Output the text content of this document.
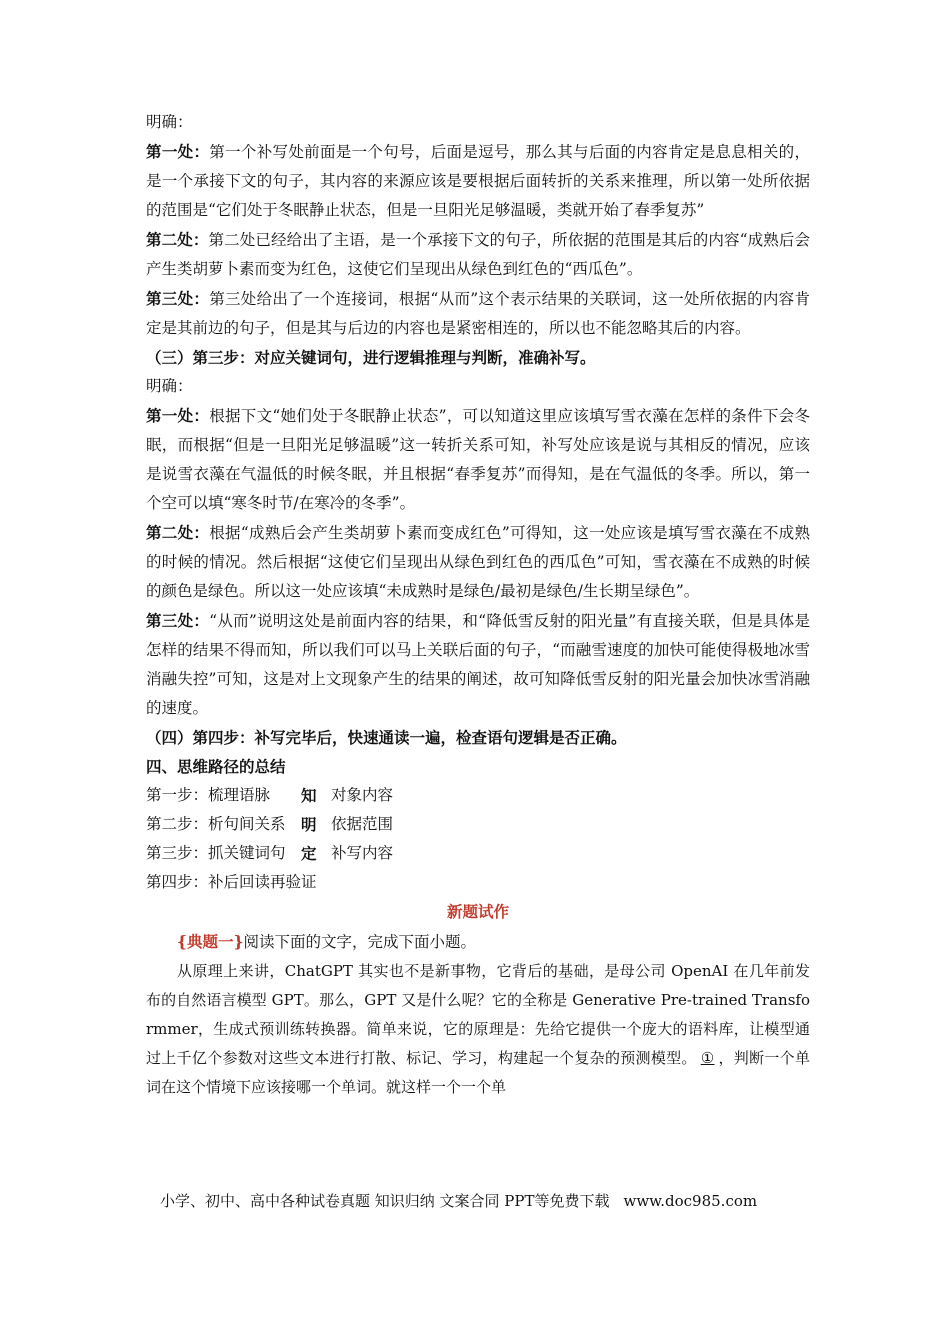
明确：

第一处：第一个补写处前面是一个句号，后面是逗号，那么其与后面的内容肯定是息息相关的，是一个承接下文的句子，其内容的来源应该是要根据后面转折的关系来推理，所以第一处所依据的范围是“它们处于冬眠静止状态，但是一旦阳光足够温暖，类就开始了春季复苏”

第二处：第二处已经给出了主语，是一个承接下文的句子，所依据的范围是其后的内容“成熟后会产生类胡萝卜素而变为红色，这使它们呈现出从绿色到红色的“西瓜色”。

第三处：第三处给出了一个连接词，根据“从而”这个表示结果的关联词，这一处所依据的内容肯定是其前边的句子，但是其与后边的内容也是紧密相连的，所以也不能忽略其后的内容。

（三）第三步：对应关键词句，进行逻辑推理与判断，准确补写。

明确：

第一处：根据下文“她们处于冬眠静止状态”，可以知道这里应该填写雪衣藻在怎样的条件下会冬眠，而根据“但是一旦阳光足够温暖”这一转折关系可知，补写处应该是说与其相反的情况，应该是说雪衣藻在气温低的时候冬眠，并且根据“春季复苏”而得知，是在气温低的冬季。所以，第一个空可以填“寒冬时节/在寒冷的冬季”。

第二处：根据“成熟后会产生类胡萝卜素而变成红色”可得知，这一处应该是填写雪衣藻在不成熟的时候的情况。然后根据“这使它们呈现出从绿色到红色的西瓜色”可知，雪衣藻在不成熟的时候的颜色是绿色。所以这一处应该填“未成熟时是绿色/最初是绿色/生长期呈绿色”。

第三处：“从而”说明这处是前面内容的结果，和“降低雪反射的阳光量”有直接关联，但是具体是怎样的结果不得而知，所以我们可以马上关联后面的句子，“而融雪速度的加快可能使得极地冰雪消融失控”可知，这是对上文现象产生的结果的阐述，故可知降低雪反射的阳光量会加快冰雪消融的速度。

（四）第四步：补写完毕后，快速通读一遍，检查语句逻辑是否正确。

四、思维路径的总结

第一步：梳理语脉	知 对象内容
第二步：析句间关系 明 依据范围
第三步：抓关键词句 定 补写内容
第四步：补后回读再验证

新题试作

{典题一}阅读下面的文字，完成下面小题。

从原理上来讲，ChatGPT 其实也不是新事物，它背后的基础，是母公司 OpenAI 在几年前发布的自然语言模型 GPT。那么，GPT 又是什么呢？它的全称是 Generative Pre-trained Transformmer，生成式预训练转换器。简单来说，它的原理是：先给它提供一个庞大的语料库，让模型通过上千亿个参数对这些文本进行打散、标记、学习，构建起一个复杂的预测模型。 ① ，判断一个单词在这个情境下应该接哪一个单词。就这样一个一个单

小学、初中、高中各种试卷真题 知识归纳 文案合同 PPT等免费下载 www.doc985.com
